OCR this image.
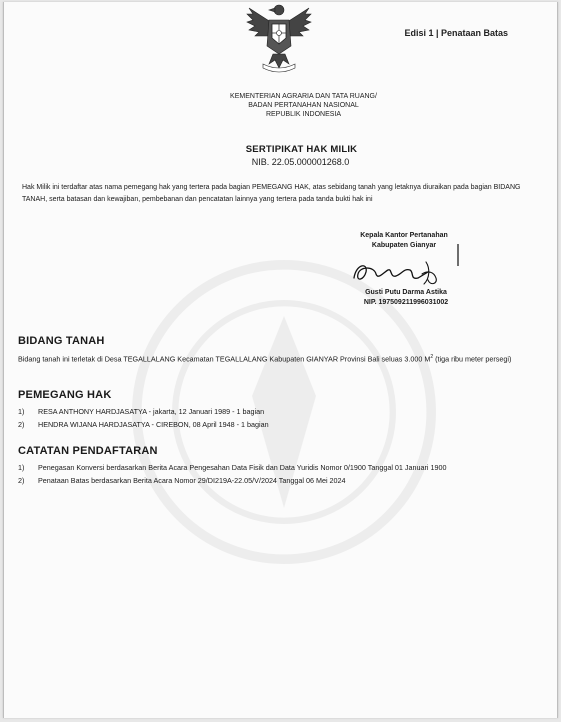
Edisi 1 | Penataan Batas
KEMENTERIAN AGRARIA DAN TATA RUANG/
BADAN PERTANAHAN NASIONAL
REPUBLIK INDONESIA
SERTIPIKAT HAK MILIK
NIB. 22.05.000001268.0
Hak Milik ini terdaftar atas nama pemegang hak yang tertera pada bagian PEMEGANG HAK, atas sebidang tanah yang letaknya diuraikan pada bagian BIDANG TANAH, serta batasan dan kewajiban, pembebanan dan pencatatan lainnya yang tertera pada tanda bukti hak ini
Kepala Kantor Pertanahan
Kabupaten Gianyar
Gusti Putu Darma Astika
NIP. 197509211996031002
BIDANG TANAH
Bidang tanah ini terletak di Desa TEGALLALANG Kecamatan TEGALLALANG Kabupaten GIANYAR Provinsi Bali seluas 3.000 $M^2$ (tiga ribu meter persegi)
PEMEGANG HAK
1)	RESA ANTHONY HARDJASATYA - jakarta, 12 Januari 1989 - 1 bagian
2)	HENDRA WIJANA HARDJASATYA - CIREBON, 08 April 1948 - 1 bagian
CATATAN PENDAFTARAN
1)	Penegasan Konversi berdasarkan Berita Acara Pengesahan Data Fisik dan Data Yuridis Nomor 0/1900 Tanggal 01 Januari 1900
2)	Penataan Batas berdasarkan Berita Acara Nomor 29/DI219A-22.05/V/2024 Tanggal 06 Mei 2024
